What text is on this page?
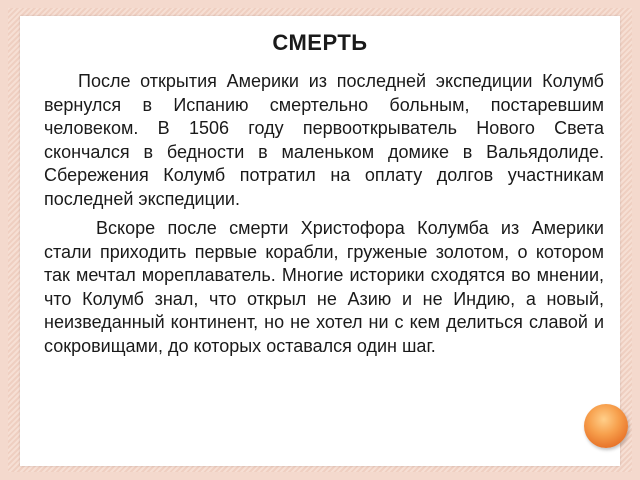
СМЕРТЬ

После открытия Америки из последней экспедиции Колумб вернулся в Испанию смертельно больным, постаревшим человеком. В 1506 году первооткрыватель Нового Света скончался в бедности в маленьком домике в Вальядолиде. Сбережения Колумб потратил на оплату долгов участникам последней экспедиции.

Вскоре после смерти Христофора Колумба из Америки стали приходить первые корабли, груженые золотом, о котором так мечтал мореплаватель. Многие историки сходятся во мнении, что Колумб знал, что открыл не Азию и не Индию, а новый, неизведанный континент, но не хотел ни с кем делиться славой и сокровищами, до которых оставался один шаг.
